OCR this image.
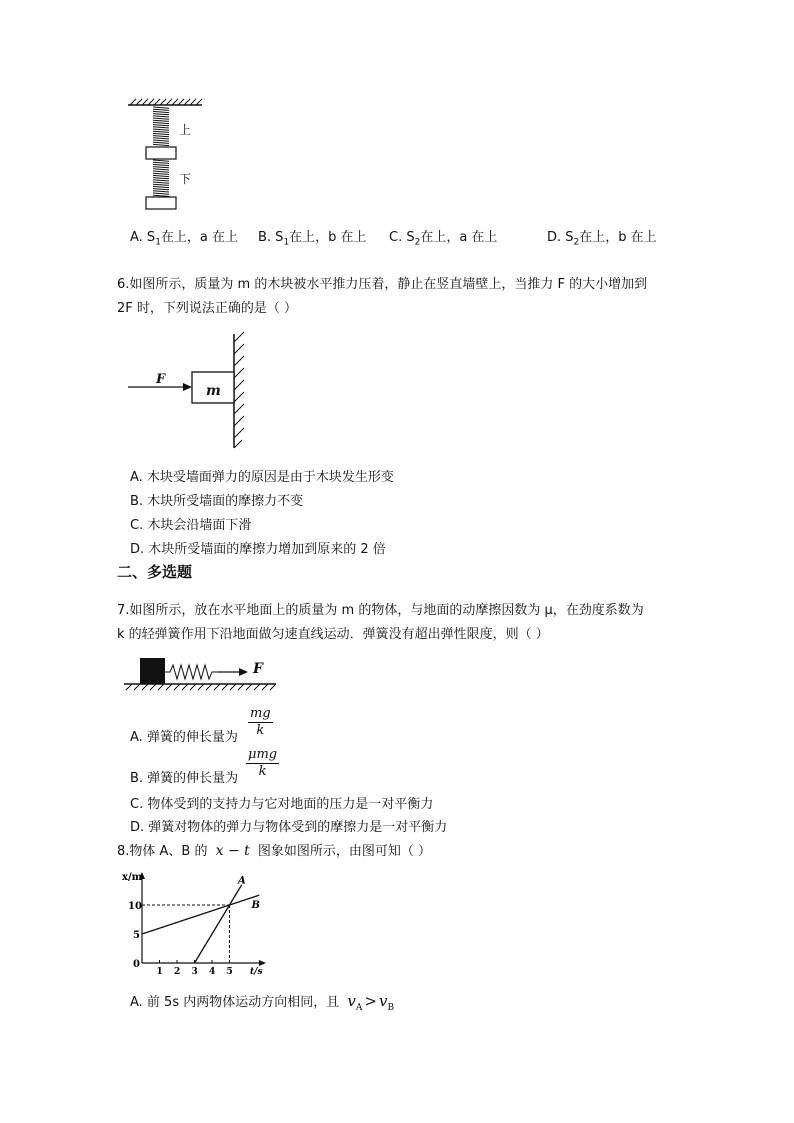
上
下
A. $S_1$在上，a 在上 B. $S_1$在上，b 在上 C. $S_2$在上，a 在上	D. $S_2$在上，b 在上
6.如图所示，质量为 m 的木块被水平推力压着，静止在竖直墙壁上，当推力 F 的大小增加到
2F 时，下列说法正确的是（ ）
F
m
A. 木块受墙面弹力的原因是由于木块发生形变
B. 木块所受墙面的摩擦力不变
C. 木块会沿墙面下滑
D. 木块所受墙面的摩擦力增加到原来的 2 倍
二、多选题
7.如图所示，放在水平地面上的质量为 m 的物体，与地面的动摩擦因数为 μ，在劲度系数为
k 的轻弹簧作用下沿地面做匀速直线运动．弹簧没有超出弹性限度，则（ ）
F
A. 弹簧的伸长量为 $\frac{mg}{k}$
B. 弹簧的伸长量为
μmg
k
C. 物体受到的支持力与它对地面的压力是一对平衡力
D. 弹簧对物体的弹力与物体受到的摩擦力是一对平衡力
8.物体 A、B 的 x − t 图象如图所示，由图可知（ ）
x/m
t/s
0
5
10
1 2 3 4 5
A
B
A. 前 5s 内两物体运动方向相同，且 $v_A > v_B$
